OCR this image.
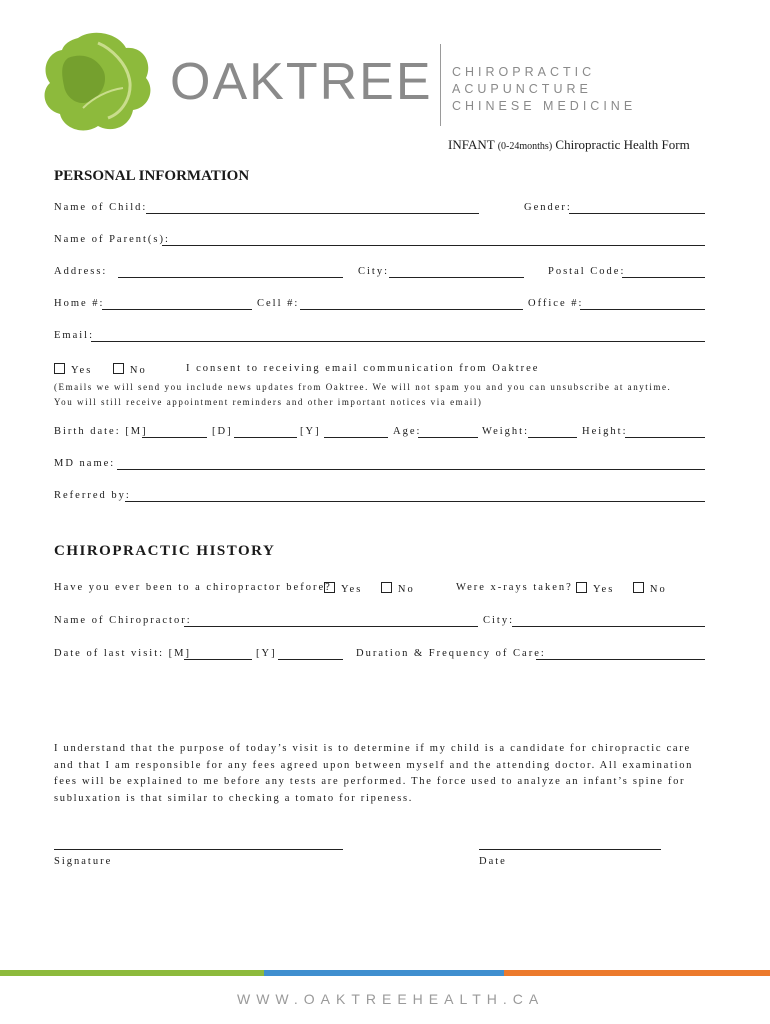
OAKTREE CHIROPRACTIC
ACUPUNCTURE
CHINESE MEDICINE
INFANT (0-24months) Chiropractic Health Form
PERSONAL INFORMATION
Name of Child:	Gender:
Name of Parent(s):
Address:	City:	Postal Code:
Home #:	Cell #:	Office #:
Email:
Yes	No	I consent to receiving email communication from Oaktree
(Emails we will send you include news updates from Oaktree. We will not spam you and you can unsubscribe at anytime.
You will still receive appointment reminders and other important notices via email)
Birth date: [M]	[D]	[Y]	Age:	Weight:	Height:
MD name:
Referred by:
CHIROPRACTIC HISTORY
Have you ever been to a chiropractor before? Yes	No	Were x-rays taken?	Yes	No
Name of Chiropractor:	City:
Date of last visit: [M]	[Y]	Duration & Frequency of Care:
I understand that the purpose of today’s visit is to determine if my child is a candidate for chiropractic care and that I am responsible for any fees agreed upon between myself and the attending doctor. All examination fees will be explained to me before any tests are performed. The force used to analyze an infant’s spine for subluxation is that similar to checking a tomato for ripeness.
Signature	Date
WWW.OAKTREEHEALTH.CA
